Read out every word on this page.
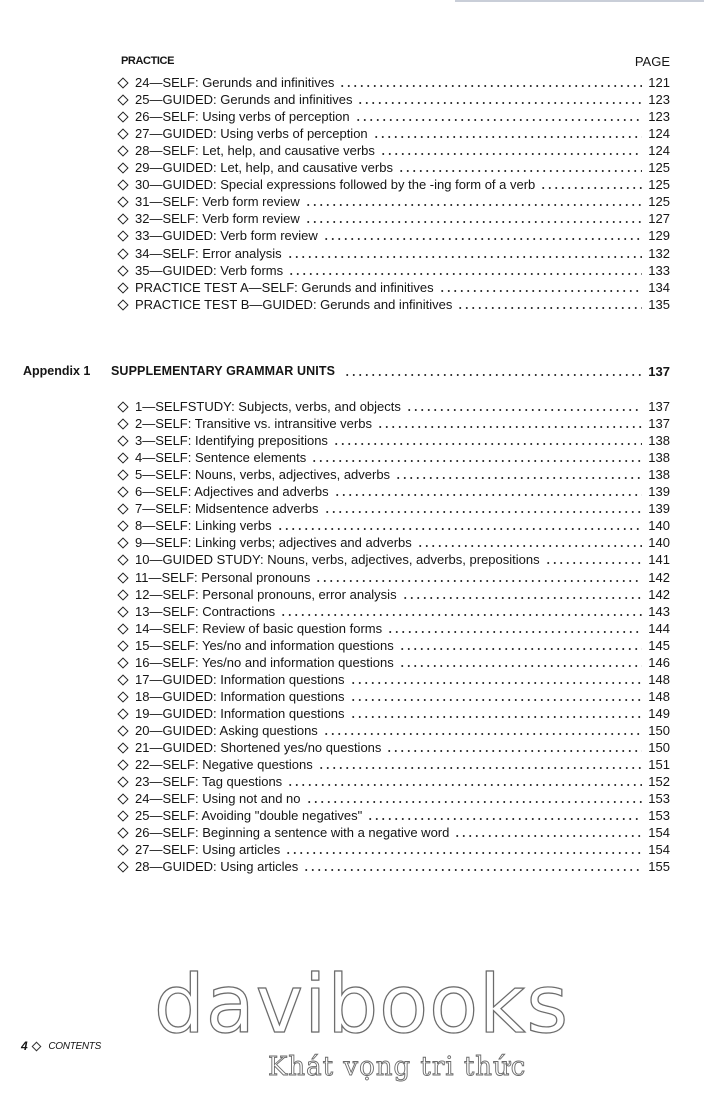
PRACTICE	PAGE
24—SELF: Gerunds and infinitives	121
25—GUIDED: Gerunds and infinitives	123
26—SELF: Using verbs of perception	123
27—GUIDED: Using verbs of perception	124
28—SELF: Let, help, and causative verbs	124
29—GUIDED: Let, help, and causative verbs	125
30—GUIDED: Special expressions followed by the -ing form of a verb	125
31—SELF: Verb form review	125
32—SELF: Verb form review	127
33—GUIDED: Verb form review	129
34—SELF: Error analysis	132
35—GUIDED: Verb forms	133
PRACTICE TEST A—SELF: Gerunds and infinitives	134
PRACTICE TEST B—GUIDED: Gerunds and infinitives	135
Appendix 1	SUPPLEMENTARY GRAMMAR UNITS	137
1—SELFSTUDY: Subjects, verbs, and objects	137
2—SELF: Transitive vs. intransitive verbs	137
3—SELF: Identifying prepositions	138
4—SELF: Sentence elements	138
5—SELF: Nouns, verbs, adjectives, adverbs	138
6—SELF: Adjectives and adverbs	139
7—SELF: Midsentence adverbs	139
8—SELF: Linking verbs	140
9—SELF: Linking verbs; adjectives and adverbs	140
10—GUIDED STUDY: Nouns, verbs, adjectives, adverbs, prepositions	141
11—SELF: Personal pronouns	142
12—SELF: Personal pronouns, error analysis	142
13—SELF: Contractions	143
14—SELF: Review of basic question forms	144
15—SELF: Yes/no and information questions	145
16—SELF: Yes/no and information questions	146
17—GUIDED: Information questions	148
18—GUIDED: Information questions	148
19—GUIDED: Information questions	149
20—GUIDED: Asking questions	150
21—GUIDED: Shortened yes/no questions	150
22—SELF: Negative questions	151
23—SELF: Tag questions	152
24—SELF: Using not and no	153
25—SELF: Avoiding "double negatives"	153
26—SELF: Beginning a sentence with a negative word	154
27—SELF: Using articles	154
28—GUIDED: Using articles	155
4 CONTENTS davibooks
Khát vọng tri thức
